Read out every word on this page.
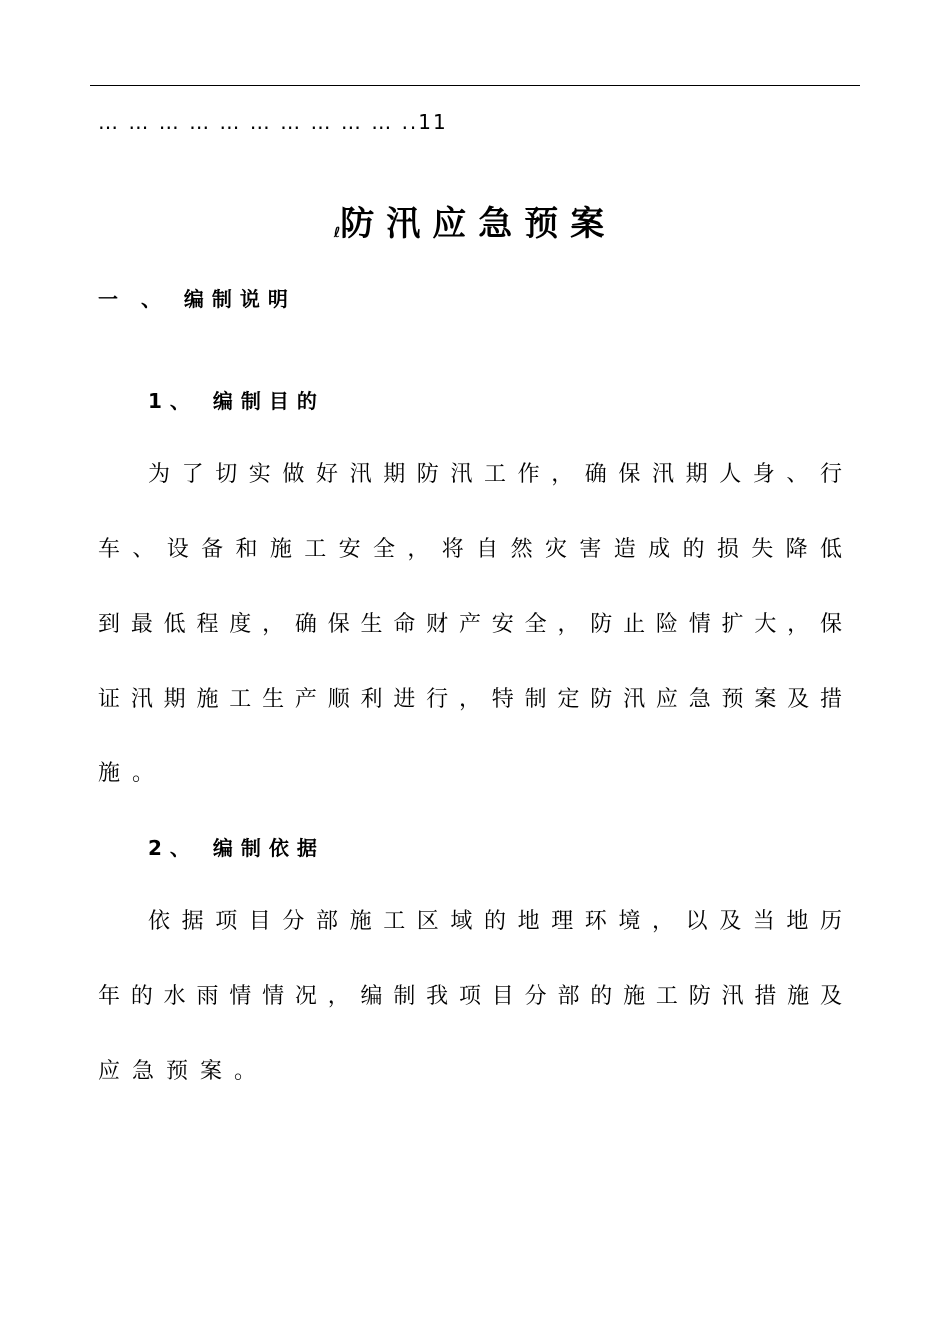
… … … … … … … … … … ..11
ℓ防汛应急预案
一 、 编制说明
1、 编制目的
为了切实做好汛期防汛工作，确保汛期人身、行
车、设备和施工安全，将自然灾害造成的损失降低
到最低程度，确保生命财产安全，防止险情扩大，保
证汛期施工生产顺利进行，特制定防汛应急预案及措
施。
2、 编制依据
依据项目分部施工区域的地理环境，以及当地历
年的水雨情情况，编制我项目分部的施工防汛措施及
应急预案。
